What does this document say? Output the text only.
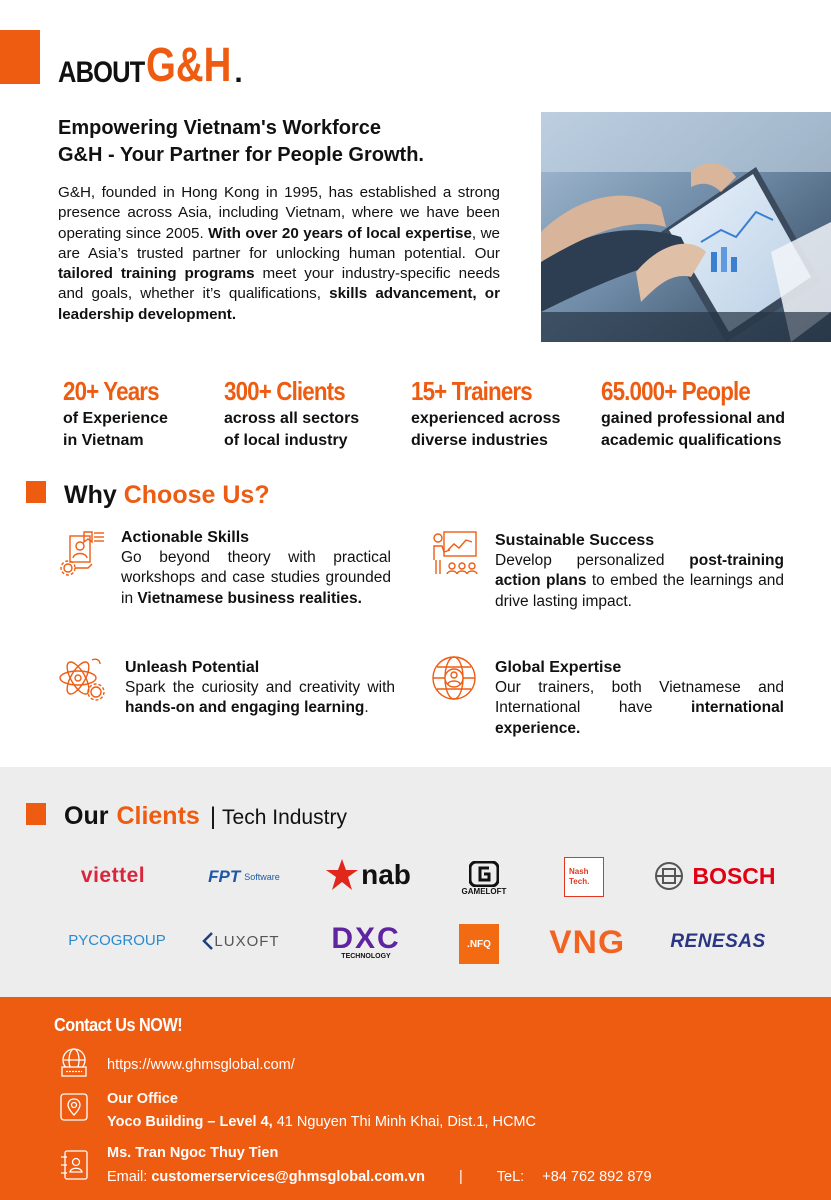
ABOUT G&H .
Empowering Vietnam's Workforce
G&H - Your Partner for People Growth.

G&H, founded in Hong Kong in 1995, has established a strong presence across Asia, including Vietnam, where we have been operating since 2005. With over 20 years of local expertise, we are Asia’s trusted partner for unlocking human potential. Our tailored training programs meet your industry-specific needs and goals, whether it’s qualifications, skills advancement, or leadership development.

20+ Years
of Experience
in Vietnam
300+ Clients
across all sectors
of local industry
15+ Trainers
experienced across
diverse industries
65.000+ People
gained professional and
academic qualifications
Why Choose Us?
Actionable Skills

Go beyond theory with practical workshops and case studies grounded in Vietnamese business realities.

Sustainable Success

Develop personalized post-training action plans to embed the learnings and drive lasting impact.

Unleash Potential

Spark the curiosity and creativity with hands-on and engaging learning.

Global Expertise

Our trainers, both Vietnamese and International have international experience.

Our Clients | Tech Industry
viettel	FPT Software	nab
GAMELOFT
Nash Tech.	BOSCH
PYCOGROUP	LUXOFT DXC
TECHNOLOGY
.NFQ VNG RENESAS
Contact Us NOW!
https://www.ghmsglobal.com/
Our Office
Yoco Building – Level 4, 41 Nguyen Thi Minh Khai, Dist.1, HCMC
Ms. Tran Ngoc Thuy Tien
Email: customerservices@ghmsglobal.com.vn | TeL: +84 762 892 879
